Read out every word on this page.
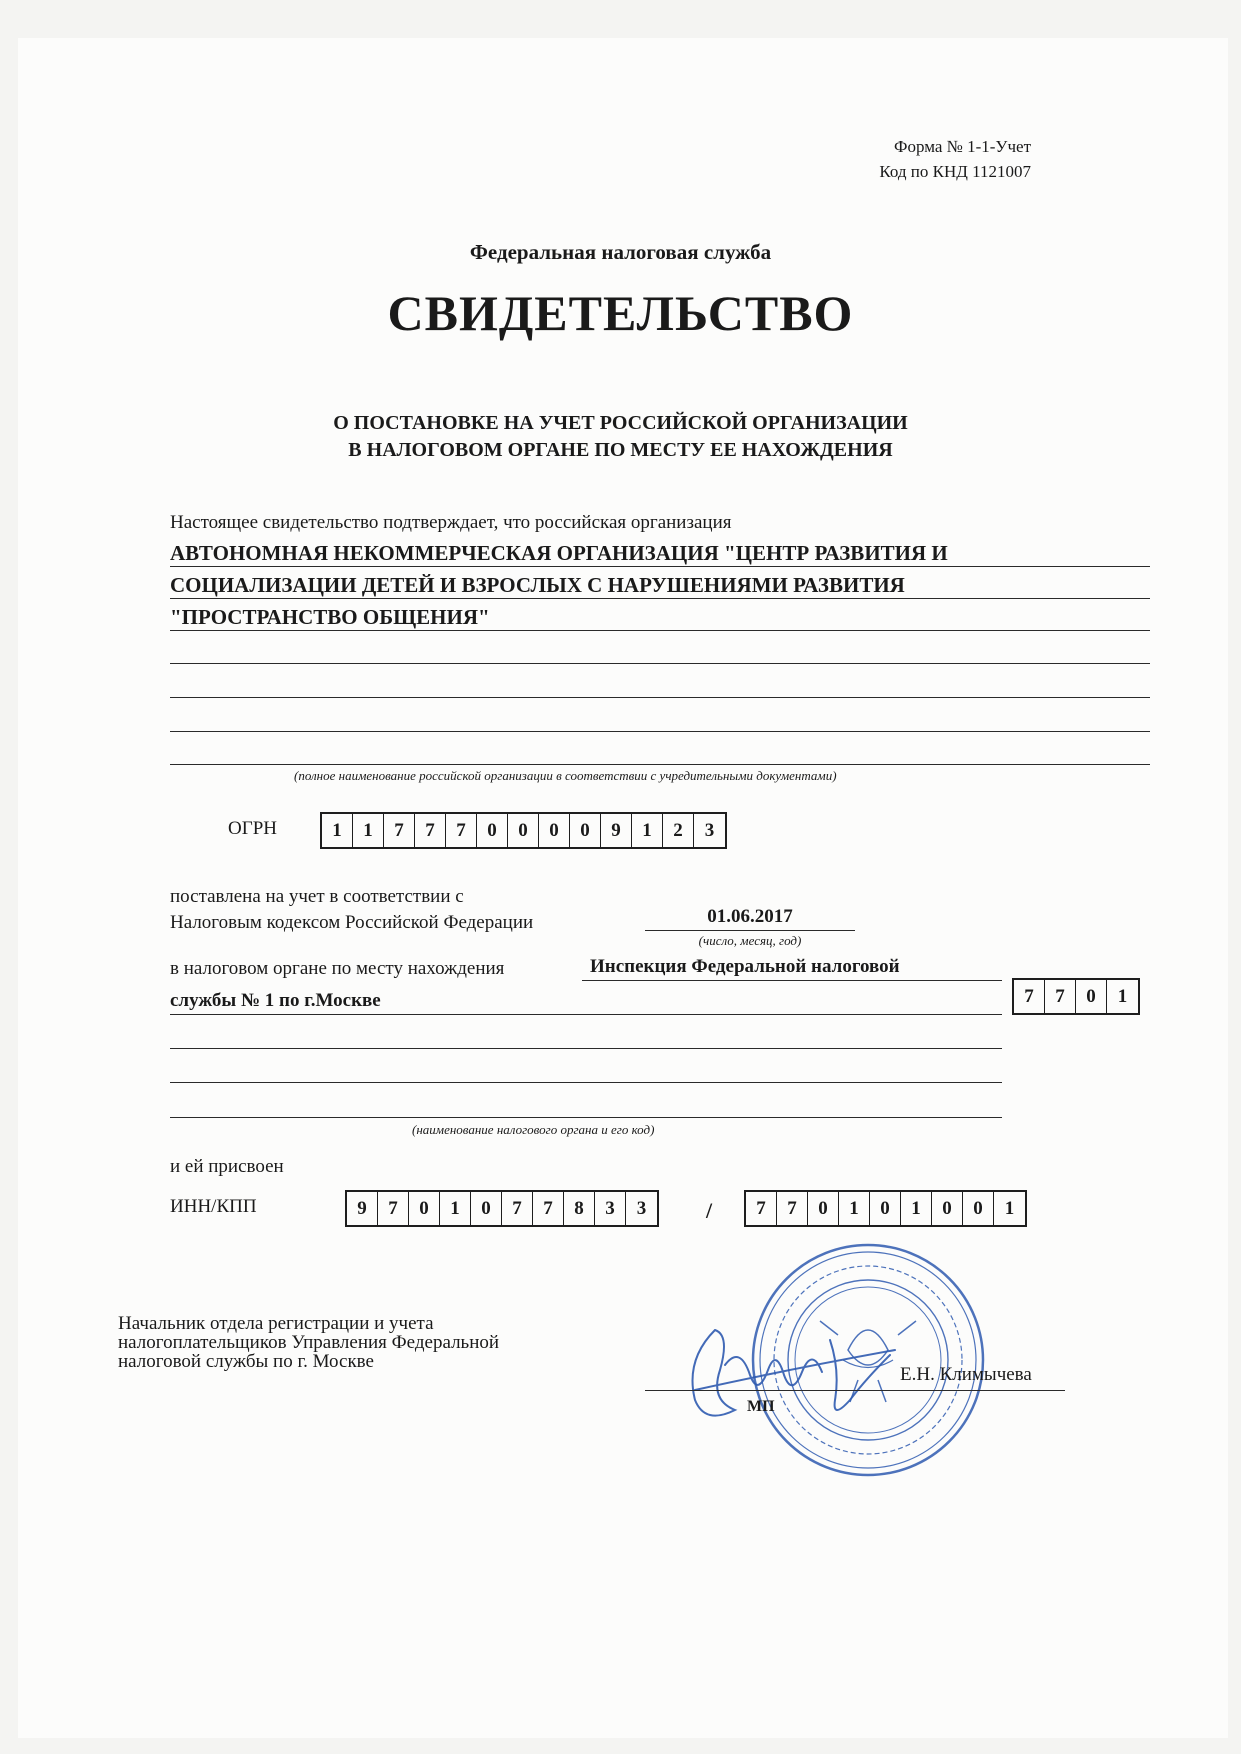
Форма № 1-1-Учет
Код по КНД 1121007
Федеральная налоговая служба
СВИДЕТЕЛЬСТВО
О ПОСТАНОВКЕ НА УЧЕТ РОССИЙСКОЙ ОРГАНИЗАЦИИ
В НАЛОГОВОМ ОРГАНЕ ПО МЕСТУ ЕЕ НАХОЖДЕНИЯ
Настоящее свидетельство подтверждает, что российская организация
АВТОНОМНАЯ НЕКОММЕРЧЕСКАЯ ОРГАНИЗАЦИЯ "ЦЕНТР РАЗВИТИЯ И
СОЦИАЛИЗАЦИИ ДЕТЕЙ И ВЗРОСЛЫХ С НАРУШЕНИЯМИ РАЗВИТИЯ
"ПРОСТРАНСТВО ОБЩЕНИЯ"
(полное наименование российской организации в соответствии с учредительными документами)
ОГРН	1	1	7	7	7	0	0	0	0	9	1	2	3
поставлена на учет в соответствии с
Налоговым кодексом Российской Федерации	01.06.2017
(число, месяц, год)
в налоговом органе по месту нахождения	Инспекция Федеральной налоговой
службы № 1 по г.Москве	7	7	0	1
(наименование налогового органа и его код)
и ей присвоен
ИНН/КПП	9	7	0	1	0	7	7	8	3	3	/	7	7	0	1	0	1	0	0	1
Начальник отдела регистрации и учета
налогоплательщиков Управления Федеральной
налоговой службы по г. Москве
Е.Н. Климычева
МП
